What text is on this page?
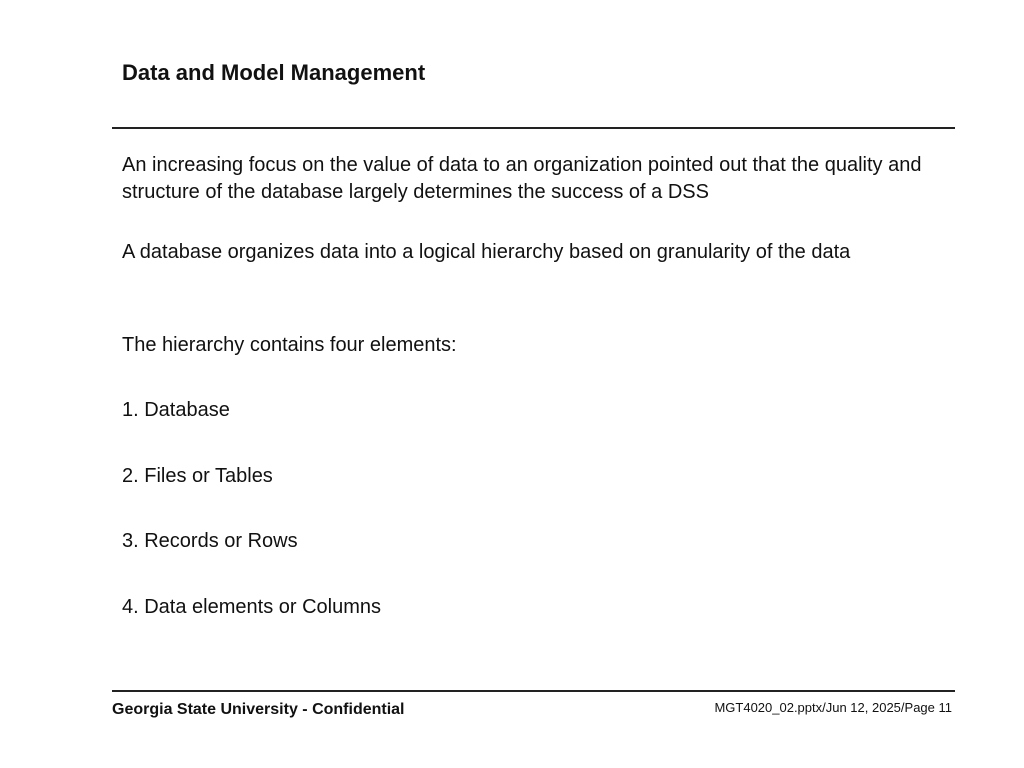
Data and Model Management
An increasing focus on the value of data to an organization pointed out that the quality and structure of the database largely determines the success of a DSS
A database organizes data into a logical hierarchy based on granularity of the data
The hierarchy contains four elements:
1. Database
2. Files or Tables
3. Records or Rows
4. Data elements or Columns
Georgia State University - Confidential	MGT4020_02.pptx/Jun 12, 2025/Page 11
